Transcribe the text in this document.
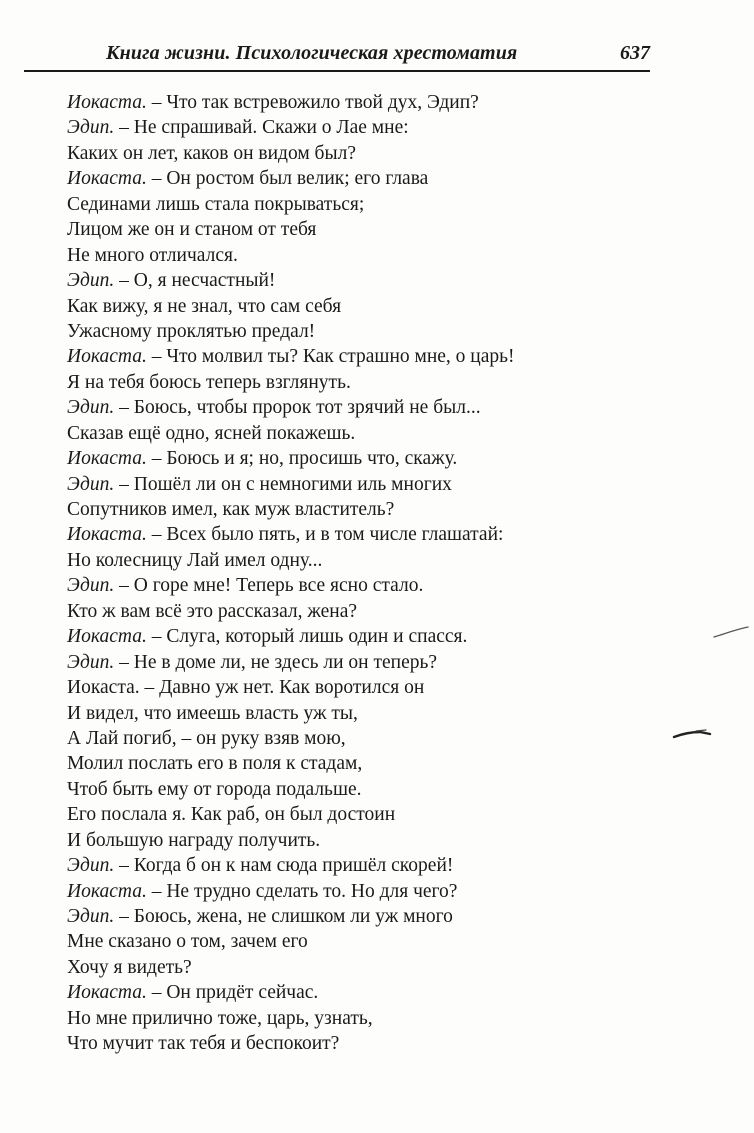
Книга жизни. Психологическая хрестоматия	637
Иокаста. – Что так встревожило твой дух, Эдип?
Эдип. – Не спрашивай. Скажи о Лае мне:
Каких он лет, каков он видом был?
Иокаста. – Он ростом был велик; его глава
Сединами лишь стала покрываться;
Лицом же он и станом от тебя
Не много отличался.
Эдип. – О, я несчастный!
Как вижу, я не знал, что сам себя
Ужасному проклятью предал!
Иокаста. – Что молвил ты? Как страшно мне, о царь!
Я на тебя боюсь теперь взглянуть.
Эдип. – Боюсь, чтобы пророк тот зрячий не был...
Сказав ещё одно, ясней покажешь.
Иокаста. – Боюсь и я; но, просишь что, скажу.
Эдип. – Пошёл ли он с немногими иль многих
Сопутников имел, как муж властитель?
Иокаста. – Всех было пять, и в том числе глашатай:
Но колесницу Лай имел одну...
Эдип. – О горе мне! Теперь все ясно стало.
Кто ж вам всё это рассказал, жена?
Иокаста. – Слуга, который лишь один и спасся.
Эдип. – Не в доме ли, не здесь ли он теперь?
Иокаста. – Давно уж нет. Как воротился он
И видел, что имеешь власть уж ты,
А Лай погиб, – он руку взяв мою,
Молил послать его в поля к стадам,
Чтоб быть ему от города подальше.
Его послала я. Как раб, он был достоин
И большую награду получить.
Эдип. – Когда б он к нам сюда пришёл скорей!
Иокаста. – Не трудно сделать то. Но для чего?
Эдип. – Боюсь, жена, не слишком ли уж много
Мне сказано о том, зачем его
Хочу я видеть?
Иокаста. – Он придёт сейчас.
Но мне прилично тоже, царь, узнать,
Что мучит так тебя и беспокоит?
